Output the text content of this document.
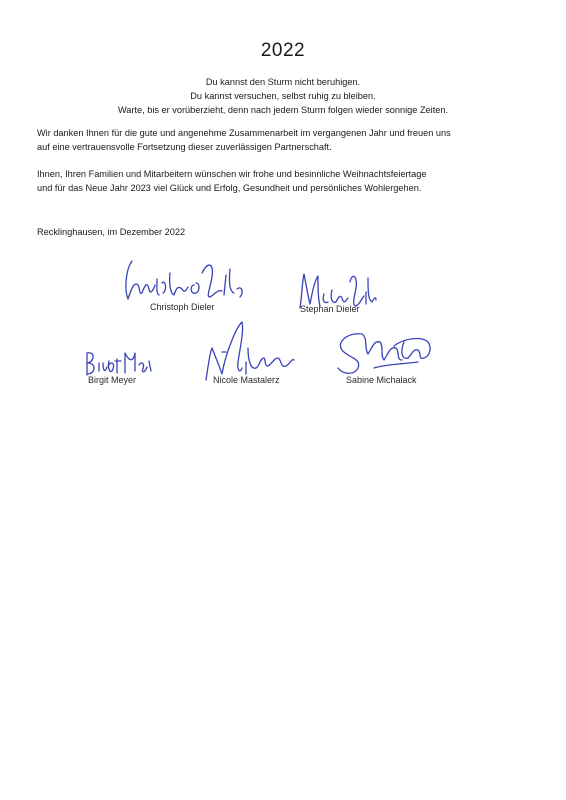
2022
Du kannst den Sturm nicht beruhigen.
Du kannst versuchen, selbst ruhig zu bleiben.
Warte, bis er vorüberzieht, denn nach jedem Sturm folgen wieder sonnige Zeiten.
Wir danken Ihnen für die gute und angenehme Zusammenarbeit im vergangenen Jahr und freuen uns
auf eine vertrauensvolle Fortsetzung dieser zuverlässigen Partnerschaft.
Ihnen, Ihren Familien und Mitarbeitern wünschen wir frohe und besinnliche Weihnachtsfeiertage
und für das Neue Jahr 2023 viel Glück und Erfolg, Gesundheit und persönliches Wohlergehen.
Recklinghausen, im Dezember 2022
Christoph Dieler	Stephan Dieler
Birgit Meyer	Nicole Mastalerz	Sabine Michalack
